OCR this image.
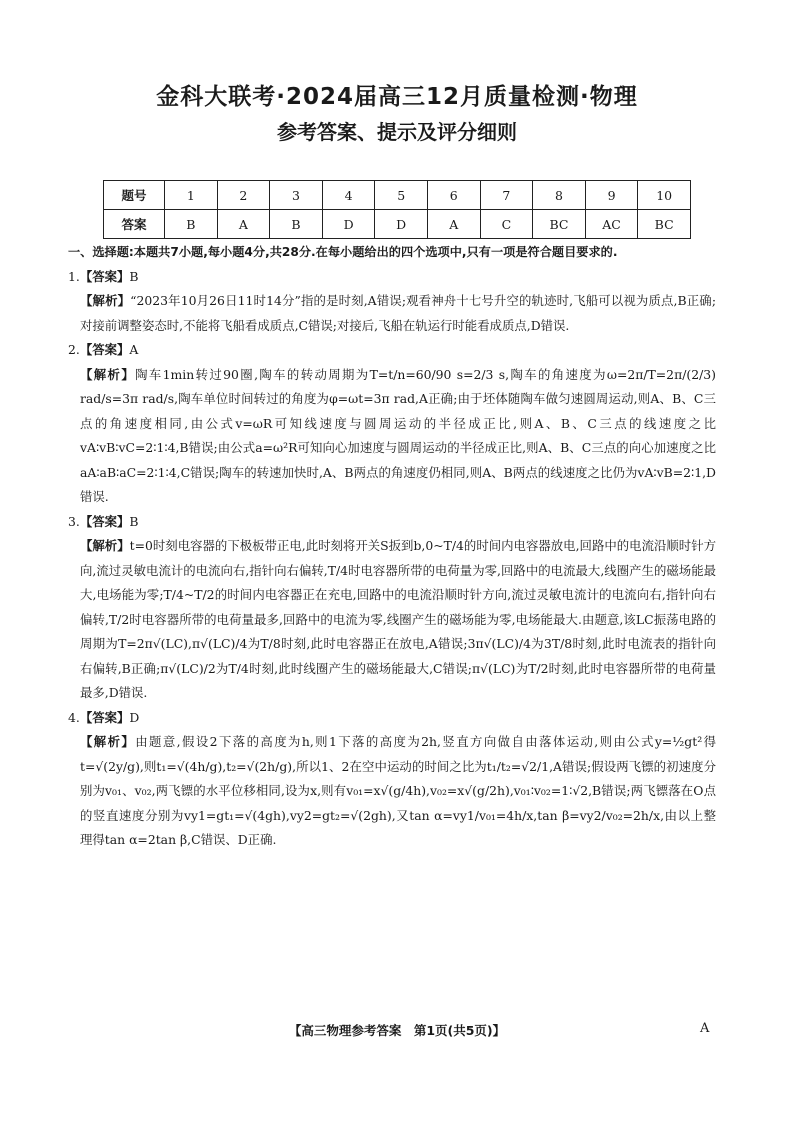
金科大联考·2024届高三12月质量检测·物理
参考答案、提示及评分细则
题号	1	2	3	4	5	6	7	8	9	10
答案	B	A	B	D	D	A	C	BC	AC	BC
一、选择题:本题共7小题,每小题4分,共28分.在每小题给出的四个选项中,只有一项是符合题目要求的.
1.【答案】B
【解析】“2023年10月26日11时14分”指的是时刻,A错误;观看神舟十七号升空的轨迹时,飞船可以视为质点,B正确;对接前调整姿态时,不能将飞船看成质点,C错误;对接后,飞船在轨运行时能看成质点,D错误.
2.【答案】A
【解析】陶车1min转过90圈,陶车的转动周期为T=t/n=60/90 s=2/3 s,陶车的角速度为ω=2π/T=2π/(2/3) rad/s=3π rad/s,陶车单位时间转过的角度为φ=ωt=3π rad,A正确;由于坯体随陶车做匀速圆周运动,则A、B、C三点的角速度相同,由公式v=ωR可知线速度与圆周运动的半径成正比,则A、B、C三点的线速度之比vA∶vB∶vC=2∶1∶4,B错误;由公式a=ω²R可知向心加速度与圆周运动的半径成正比,则A、B、C三点的向心加速度之比aA∶aB∶aC=2∶1∶4,C错误;陶车的转速加快时,A、B两点的角速度仍相同,则A、B两点的线速度之比仍为vA∶vB=2∶1,D错误.
3.【答案】B
【解析】t=0时刻电容器的下极板带正电,此时刻将开关S扳到b,0~T/4的时间内电容器放电,回路中的电流沿顺时针方向,流过灵敏电流计的电流向右,指针向右偏转,T/4时电容器所带的电荷量为零,回路中的电流最大,线圈产生的磁场能最大,电场能为零;T/4~T/2的时间内电容器正在充电,回路中的电流沿顺时针方向,流过灵敏电流计的电流向右,指针向右偏转,T/2时电容器所带的电荷量最多,回路中的电流为零,线圈产生的磁场能为零,电场能最大.由题意,该LC振荡电路的周期为T=2π√(LC),π√(LC)/4为T/8时刻,此时电容器正在放电,A错误;3π√(LC)/4为3T/8时刻,此时电流表的指针向右偏转,B正确;π√(LC)/2为T/4时刻,此时线圈产生的磁场能最大,C错误;π√(LC)为T/2时刻,此时电容器所带的电荷量最多,D错误.
4.【答案】D
【解析】由题意,假设2下落的高度为h,则1下落的高度为2h,竖直方向做自由落体运动,则由公式y=½gt²得t=√(2y/g),则t₁=√(4h/g),t₂=√(2h/g),所以1、2在空中运动的时间之比为t₁/t₂=√2/1,A错误;假设两飞镖的初速度分别为v₀₁、v₀₂,两飞镖的水平位移相同,设为x,则有v₀₁=x√(g/4h),v₀₂=x√(g/2h),v₀₁∶v₀₂=1∶√2,B错误;两飞镖落在O点的竖直速度分别为vy1=gt₁=√(4gh),vy2=gt₂=√(2gh),又tan α=vy1/v₀₁=4h/x,tan β=vy2/v₀₂=2h/x,由以上整理得tan α=2tan β,C错误、D正确.
【高三物理参考答案　第1页(共5页)】	A
